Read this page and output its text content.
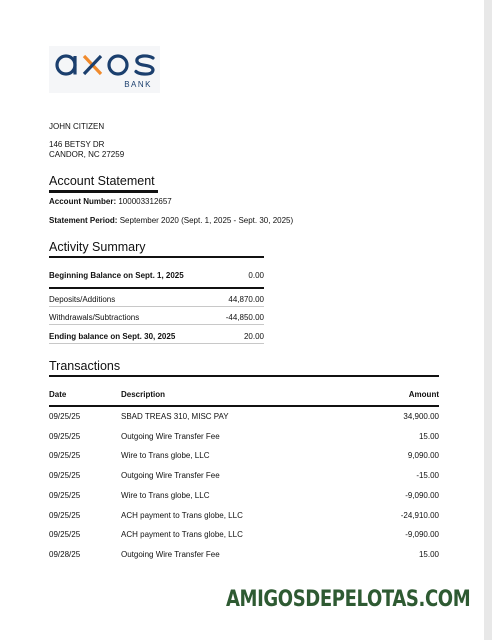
BANK
JOHN CITIZEN
146 BETSY DR
CANDOR, NC 27259
Account Statement
Account Number: 100003312657
Statement Period: September 2020 (Sept. 1, 2025 - Sept. 30, 2025)
Activity Summary
Beginning Balance on Sept. 1, 2025	0.00
Deposits/Additions	44,870.00
Withdrawals/Subtractions	-44,850.00
Ending balance on Sept. 30, 2025	20.00
Transactions
Date	Description	Amount
09/25/25	SBAD TREAS 310, MISC PAY	34,900.00
09/25/25	Outgoing Wire Transfer Fee	15.00
09/25/25	Wire to Trans globe, LLC	9,090.00
09/25/25	Outgoing Wire Transfer Fee	-15.00
09/25/25	Wire to Trans globe, LLC	-9,090.00
09/25/25	ACH payment to Trans globe, LLC	-24,910.00
09/25/25	ACH payment to Trans globe, LLC	-9,090.00
09/28/25	Outgoing Wire Transfer Fee	15.00
AMIGOSDEPELOTAS.COM
